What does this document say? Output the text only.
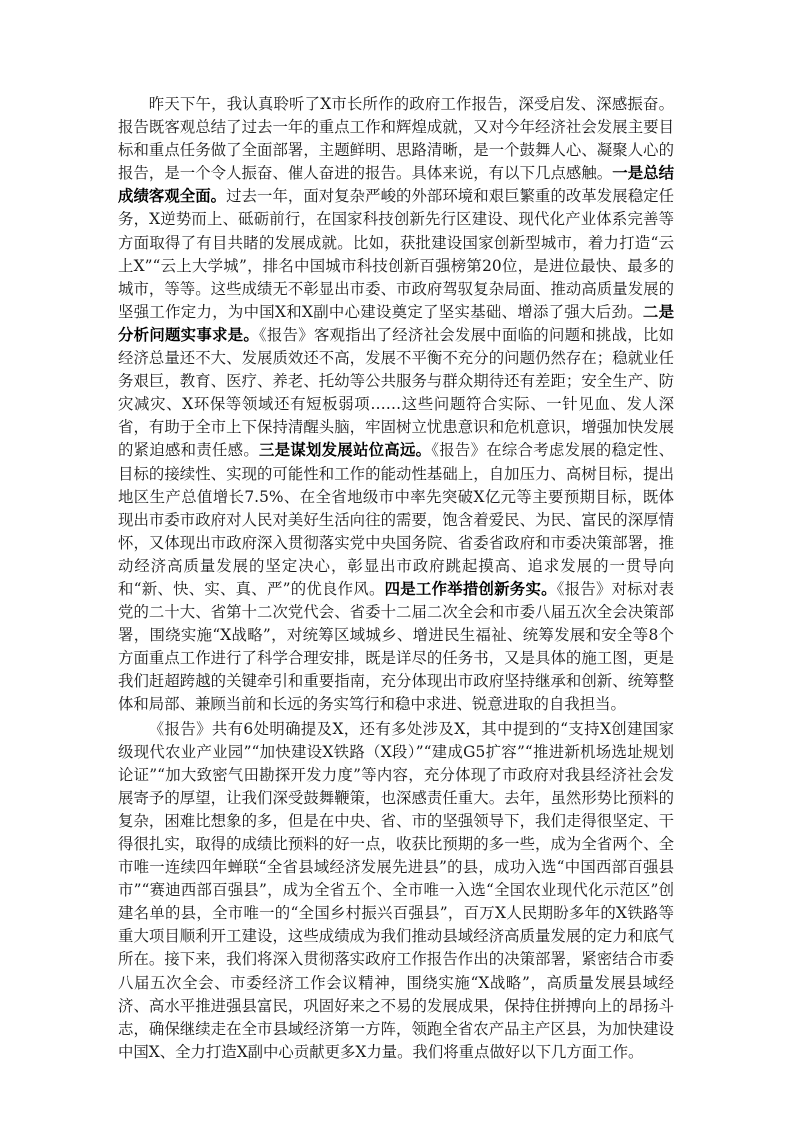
昨天下午，我认真聆听了X市长所作的政府工作报告，深受启发、深感振奋。报告既客观总结了过去一年的重点工作和辉煌成就，又对今年经济社会发展主要目标和重点任务做了全面部署，主题鲜明、思路清晰，是一个鼓舞人心、凝聚人心的报告，是一个令人振奋、催人奋进的报告。具体来说，有以下几点感触。一是总结成绩客观全面。过去一年，面对复杂严峻的外部环境和艰巨繁重的改革发展稳定任务，X逆势而上、砥砺前行，在国家科技创新先行区建设、现代化产业体系完善等方面取得了有目共睹的发展成就。比如，获批建设国家创新型城市，着力打造“云上X”“云上大学城”，排名中国城市科技创新百强榜第20位，是进位最快、最多的城市，等等。这些成绩无不彰显出市委、市政府驾驭复杂局面、推动高质量发展的坚强工作定力，为中国X和X副中心建设奠定了坚实基础、增添了强大后劲。二是分析问题实事求是。《报告》客观指出了经济社会发展中面临的问题和挑战，比如经济总量还不大、发展质效还不高，发展不平衡不充分的问题仍然存在；稳就业任务艰巨，教育、医疗、养老、托幼等公共服务与群众期待还有差距；安全生产、防灾减灾、X环保等领域还有短板弱项……这些问题符合实际、一针见血、发人深省，有助于全市上下保持清醒头脑，牢固树立忧患意识和危机意识，增强加快发展的紧迫感和责任感。三是谋划发展站位高远。《报告》在综合考虑发展的稳定性、目标的接续性、实现的可能性和工作的能动性基础上，自加压力、高树目标，提出地区生产总值增长7.5%、在全省地级市中率先突破X亿元等主要预期目标，既体现出市委市政府对人民对美好生活向往的需要，饱含着爱民、为民、富民的深厚情怀，又体现出市政府深入贯彻落实党中央国务院、省委省政府和市委决策部署，推动经济高质量发展的坚定决心，彰显出市政府跳起摸高、追求发展的一贯导向和“新、快、实、真、严”的优良作风。四是工作举措创新务实。《报告》对标对表党的二十大、省第十二次党代会、省委十二届二次全会和市委八届五次全会决策部署，围绕实施“X战略”，对统筹区域城乡、增进民生福祉、统筹发展和安全等8个方面重点工作进行了科学合理安排，既是详尽的任务书，又是具体的施工图，更是我们赶超跨越的关键牵引和重要指南，充分体现出市政府坚持继承和创新、统筹整体和局部、兼顾当前和长远的务实笃行和稳中求进、锐意进取的自我担当。

《报告》共有6处明确提及X，还有多处涉及X，其中提到的“支持X创建国家级现代农业产业园”“加快建设X铁路（X段）”“建成G5扩容”“推进新机场选址规划论证”“加大致密气田勘探开发力度”等内容，充分体现了市政府对我县经济社会发展寄予的厚望，让我们深受鼓舞鞭策，也深感责任重大。去年，虽然形势比预料的复杂，困难比想象的多，但是在中央、省、市的坚强领导下，我们走得很坚定、干得很扎实，取得的成绩比预料的好一点，收获比预期的多一些，成为全省两个、全市唯一连续四年蝉联“全省县域经济发展先进县”的县，成功入选“中国西部百强县市”“赛迪西部百强县”，成为全省五个、全市唯一入选“全国农业现代化示范区”创建名单的县，全市唯一的“全国乡村振兴百强县”，百万X人民期盼多年的X铁路等重大项目顺利开工建设，这些成绩成为我们推动县域经济高质量发展的定力和底气所在。接下来，我们将深入贯彻落实政府工作报告作出的决策部署，紧密结合市委八届五次全会、市委经济工作会议精神，围绕实施“X战略”，高质量发展县域经济、高水平推进强县富民，巩固好来之不易的发展成果，保持住拼搏向上的昂扬斗志，确保继续走在全市县域经济第一方阵，领跑全省农产品主产区县，为加快建设中国X、全力打造X副中心贡献更多X力量。我们将重点做好以下几方面工作。
